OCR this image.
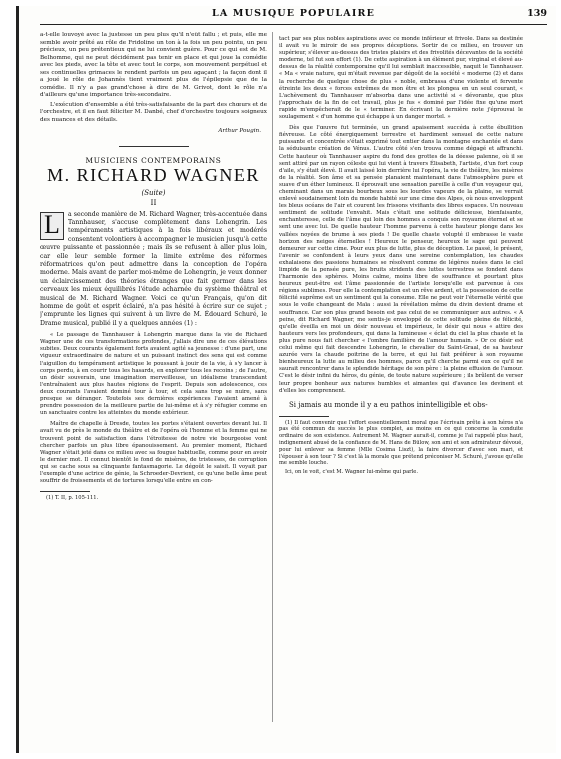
LA MUSIQUE POPULAIRE	139

a-t-elle louvoyé avec la justesse un peu plus qu'il n'eût fallu ; et puis, elle me semble avoir prêté au rôle de Fridoline un ton à la fois un peu pointu, un peu précieux, un peu prétentieux qui ne lui convient guère. Pour ce qui est de M. Belhomme, qui ne peut décidément pas tenir en place et qui joue la comédie avec les pieds, avec la tête et avec tout le corps, son mouvement perpétuel et ses continuelles grimaces le rendent parfois un peu agaçant ; la façon dont il a joué le rôle de Johannès tient vraiment plus de l'épilepsie que de la comédie. Il n'y a pas grand'chose à dire de M. Grivot, dont le rôle n'a d'ailleurs qu'une importance très-secondaire.

L'exécution d'ensemble a été très-satisfaisante de la part des chœurs et de l'orchestre, et il en faut féliciter M. Danbé, chef d'orchestre toujours soigneux des nuances et des détails.

Arthur Pougin.

MUSICIENS CONTEMPORAINS
M. RICHARD WAGNER
(Suite)
II
L	a seconde manière de M. Richard Wagner, très-accentuée dans Tannhauser, s'accuse complètement dans Lohengrin. Les tempéraments artistiques à la fois libéraux et modérés consentent volontiers à accompagner le musicien jusqu'à cette œuvre puissante et passionnée ; mais ils se refusent à aller plus loin, car elle leur semble former la limite extrême des réformes réformatrices qu'on peut admettre dans la conception de l'opéra moderne. Mais avant de parler moi-même de Lohengrin, je veux donner un éclaircissement des théories étranges que fait germer dans les cerveaux les mieux équilibrés l'étude acharnée du système théâtral et musical de M. Richard Wagner. Voici ce qu'un Français, qu'on dit homme de goût et esprit éclairé, n'a pas hésité à écrire sur ce sujet ; j'emprunte les lignes qui suivent à un livre de M. Édouard Schuré, le Drame musical, publié il y a quelques années (1) :

« Le passage de Tannhauser à Lohengrin marque dans la vie de Richard Wagner une de ces transformations profondes, j'allais dire une de ces élévations subites. Deux courants également forts avaient agité sa jeunesse : d'une part, une vigueur extraordinaire de nature et un puissant instinct des sens qui est comme l'aiguillon du tempérament artistique le poussant à jouir de la vie, à s'y lancer à corps perdu, à en courir tous les hasards, en explorer tous les recoins ; de l'autre, un désir souverain, une imagination merveilleuse, un idéalisme transcendant l'entraînaient aux plus hautes régions de l'esprit. Depuis son adolescence, ces deux courants l'avaient dominé tour à tour, et cela sans trop se nuire, sans presque se déranger. Toutefois ses dernières expériences l'avaient amené à prendre possession de la meilleure partie de lui-même et à s'y réfugier comme en un sanctuaire contre les atteintes du monde extérieur.

Maître de chapelle à Dresde, toutes les portes s'étaient ouvertes devant lui. Il avait vu de près le monde du théâtre et de l'opéra où l'homme et la femme qui ne trouvent point de satisfaction dans l'étroitesse de notre vie bourgeoise vont chercher parfois un plus libre épanouissement. Au premier moment, Richard Wagner s'était jeté dans ce milieu avec sa fougue habituelle, comme pour en avoir le dernier mot. Il connut bientôt le fond de misères, de tristesses, de corruption qui se cache sous sa clinquante fantasmagorie. Le dégoût le saisit. Il voyait par l'exemple d'une actrice de génie, la Schroeder-Devrient, ce qu'une belle âme peut souffrir de froissements et de tortures lorsqu'elle entre en con-

(1) T. II, p. 105-111.

tact par ses plus nobles aspirations avec ce monde inférieur et frivole. Dans sa destinée il avait vu le miroir de ses propres déceptions. Sortir de ce milieu, en trouver un supérieur, s'élever au-dessus des tristes plaisirs et des frivolités décevantes de la société moderne, tel fut son effort (1). De cette aspiration à un élément pur, virginal et élevé au-dessus de la réalité contemporaine qu'il lui semblait inaccessible, naquit le Tannhauser. « Ma « vraie nature, qui m'était revenue par dégoût de la société « moderne (2) et dans la recherche de quelque chose de plus « noble, embrassa d'une violente et fervente étreinte les deux « forces extrêmes de mon être et les plongea en un seul courant, « L'achèvement du Tannhauser m'absorba dans une activité si « dévorante, que plus j'approchais de la fin de cet travail, plus je fus « dominé par l'idée fixe qu'une mort rapide m'empêcherait de le « terminer. En écrivant la dernière note j'éprouvai le soulagement « d'un homme qui échappe à un danger mortel. »

Dès que l'œuvre fut terminée, un grand apaisement succéda à cette ébullition fiévreuse. Le côté énergiquement terrestre et hardiment sensuel de cette nature puissante et concentrée s'était exprimé tout entier dans la montagne enchantée et dans la séduisante création de Vénus. L'autre côté s'en trouva comme dégagé et affranchi. Cette hauteur où Tannhauser aspire du fond des grottes de la déesse païenne, où il se sent attiré par un rayon céleste qui lui vient à travers Élisabeth, l'artiste, d'un fort coup d'aile, s'y était élevé. Il avait laissé loin derrière lui l'opéra, la vie de théâtre, les misères de la réalité. Son âme et sa pensée planaient maintenant dans l'atmosphère pure et suave d'un éther lumineux. Il éprouvait une sensation pareille à celle d'un voyageur qui, cheminant dans un marais bourbeux sous les lourdes vapeurs de la plaine, se verrait enlevé soudainement loin du monde habité sur une cime des Alpes, où nous enveloppent les bleus océans de l'air et courent les frissons vivifiants des libres espaces. Un nouveau sentiment de solitude l'envahit. Mais c'était une solitude délicieuse, bienfaisante, enchanteresse, celle de l'âme qui loin des hommes a conquis son royaume éternel et se sent une avec lui. De quelle hauteur l'homme parvenu à cette hauteur plonge dans les vallées noyées de brume à ses pieds ! De quelle chaste volupté il embrasse le vaste horizon des neiges éternelles ! Heureux le penseur, heureux le sage qui peuvent demeurer sur cette cime. Pour eux plus de lutte, plus de déception. Le passé, le présent, l'avenir se confondent à leurs yeux dans une sereine contemplation, les chaudes exhalaisons des passions humaines se résolvent comme de légères nuées dans le ciel limpide de la pensée pure, les bruits stridents des luttes terrestres se fondent dans l'harmonie des sphères. Moins calme, moins libre de souffrance et pourtant plus heureux peut-être est l'âme passionnée de l'artiste lorsqu'elle est parvenue à ces régions sublimes. Pour elle la contemplation est un rêve ardent, et la possession de cette félicité suprême est un sentiment qui la consume. Elle ne peut voir l'éternelle vérité que sous le voile changeant de Maïa : aussi la révélation même du divin devient drame et souffrance. Car son plus grand besoin est pas celui de se communiquer aux autres. « A peine, dit Richard Wagner, me sentis-je enveloppé de cette solitude pleine de félicité, qu'elle éveilla en moi un désir nouveau et impérieux, le désir qui nous « attire des hauteurs vers les profondeurs, qui dans la lumineuse « éclat du ciel la plus chaste et la plus pure nous fait chercher « l'ombre familière de l'amour humain. » Or ce désir est celui même qui fait descendre Lohengrin, le chevalier du Saint-Graal, de sa hauteur azurée vers la chaude poitrine de la terre, et qui lui fait préférer à son royaume bienheureux la lutte au milieu des hommes, parce qu'il cherche parmi eux ce qu'il ne saurait rencontrer dans le splendide héritage de son père : la pleine effusion de l'amour. C'est le désir infini du héros, du génie, de toute nature supérieure ; ils brûlent de verser leur propre bonheur aux natures humbles et aimantes qui d'avance les devinent et d'elles les comprennent.

Si jamais au monde il y a eu pathos inintelligible et obs-

(1) Il faut convenir que l'effort essentiellement moral que l'écrivain prête à son héros n'a pas été commun du succès le plus complet, au moins en ce qui concerne la conduite ordinaire de son existence. Autrement M. Wagner aurait-il, comme je l'ai rappelé plus haut, indignement abusé de la confiance de M. Hans de Bülow, son ami et son admirateur dévoué, pour lui enlever sa femme (Mlle Cosima Liszt), la faire divorcer d'avec son mari, et l'épouser à son tour ? Si c'est là la morale que prétend préconiser M. Schuré, j'avoue qu'elle me semble louche.

Ici, on le voit, c'est M. Wagner lui-même qui parle.
